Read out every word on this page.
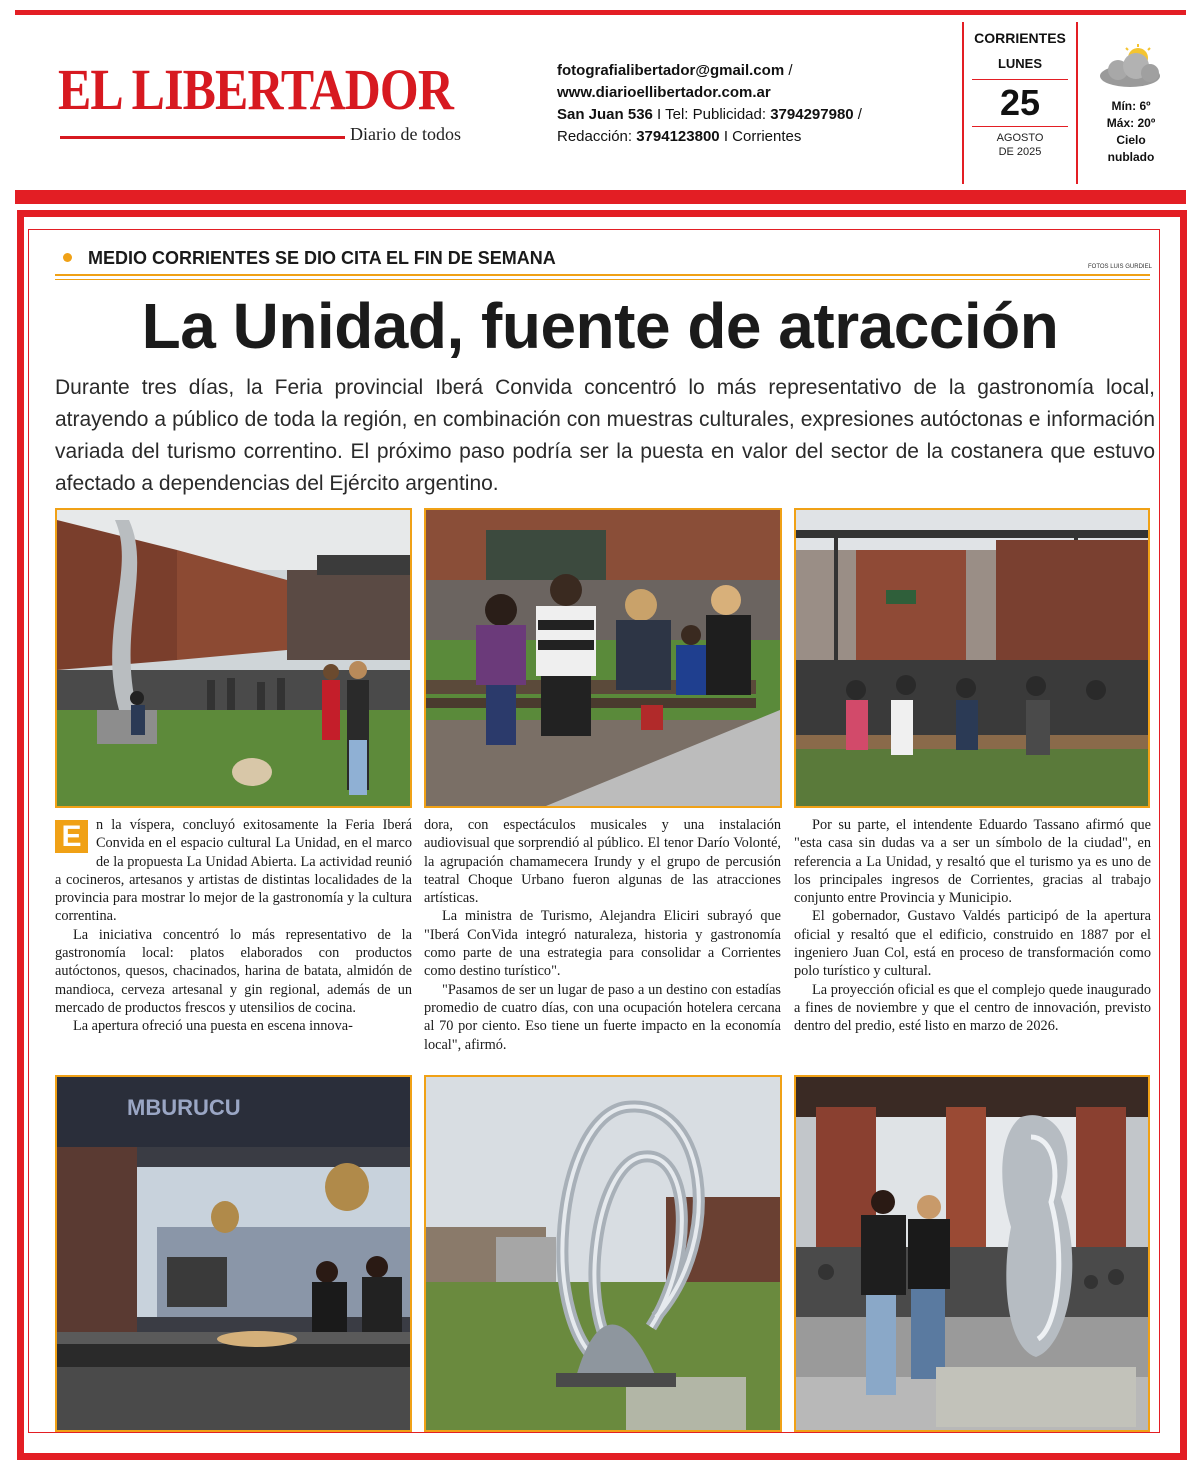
EL LIBERTADOR
Diario de todos
fotografialibertador@gmail.com /
www.diarioellibertador.com.ar
San Juan 536 I Tel: Publicidad: 3794297980 /
Redacción: 3794123800 I Corrientes
CORRIENTES
LUNES
25
AGOSTO
DE 2025
Mín: 6º
Máx: 20º
Cielo
nublado
MEDIO CORRIENTES SE DIO CITA EL FIN DE SEMANA	FOTOS LUIS GURDIEL
La Unidad, fuente de atracción
Durante tres días, la Feria provincial Iberá Convida concentró lo más representativo de la gastronomía local, atrayendo a público de toda la región, en combinación con muestras culturales, expresiones autóctonas e información variada del turismo correntino. El próximo paso podría ser la puesta en valor del sector de la costanera que estuvo afectado a dependencias del Ejército argentino.
E	n la víspera, concluyó exitosamente la Feria Iberá Convida en el espacio cultural La Unidad, en el marco de la propuesta La Unidad Abierta. La actividad reunió a cocineros, artesanos y artistas de distintas localidades de la provincia para mostrar lo mejor de la gastronomía y la cultura correntina.

La iniciativa concentró lo más representativo de la gastronomía local: platos elaborados con productos autóctonos, quesos, chacinados, harina de batata, almidón de mandioca, cerveza artesanal y gin regional, además de un mercado de productos frescos y utensilios de cocina.

La apertura ofreció una puesta en escena innova-

dora, con espectáculos musicales y una instalación audiovisual que sorprendió al público. El tenor Darío Volonté, la agrupación chamamecera Irundy y el grupo de percusión teatral Choque Urbano fueron algunas de las atracciones artísticas.

La ministra de Turismo, Alejandra Eliciri subrayó que "Iberá ConVida integró naturaleza, historia y gastronomía como parte de una estrategia para consolidar a Corrientes como destino turístico".

"Pasamos de ser un lugar de paso a un destino con estadías promedio de cuatro días, con una ocupación hotelera cercana al 70 por ciento. Eso tiene un fuerte impacto en la economía local", afirmó.

Por su parte, el intendente Eduardo Tassano afirmó que "esta casa sin dudas va a ser un símbolo de la ciudad", en referencia a La Unidad, y resaltó que el turismo ya es uno de los principales ingresos de Corrientes, gracias al trabajo conjunto entre Provincia y Municipio.

El gobernador, Gustavo Valdés participó de la apertura oficial y resaltó que el edificio, construido en 1887 por el ingeniero Juan Col, está en proceso de transformación como polo turístico y cultural.

La proyección oficial es que el complejo quede inaugurado a fines de noviembre y que el centro de innovación, previsto dentro del predio, esté listo en marzo de 2026.

MBURUCU
